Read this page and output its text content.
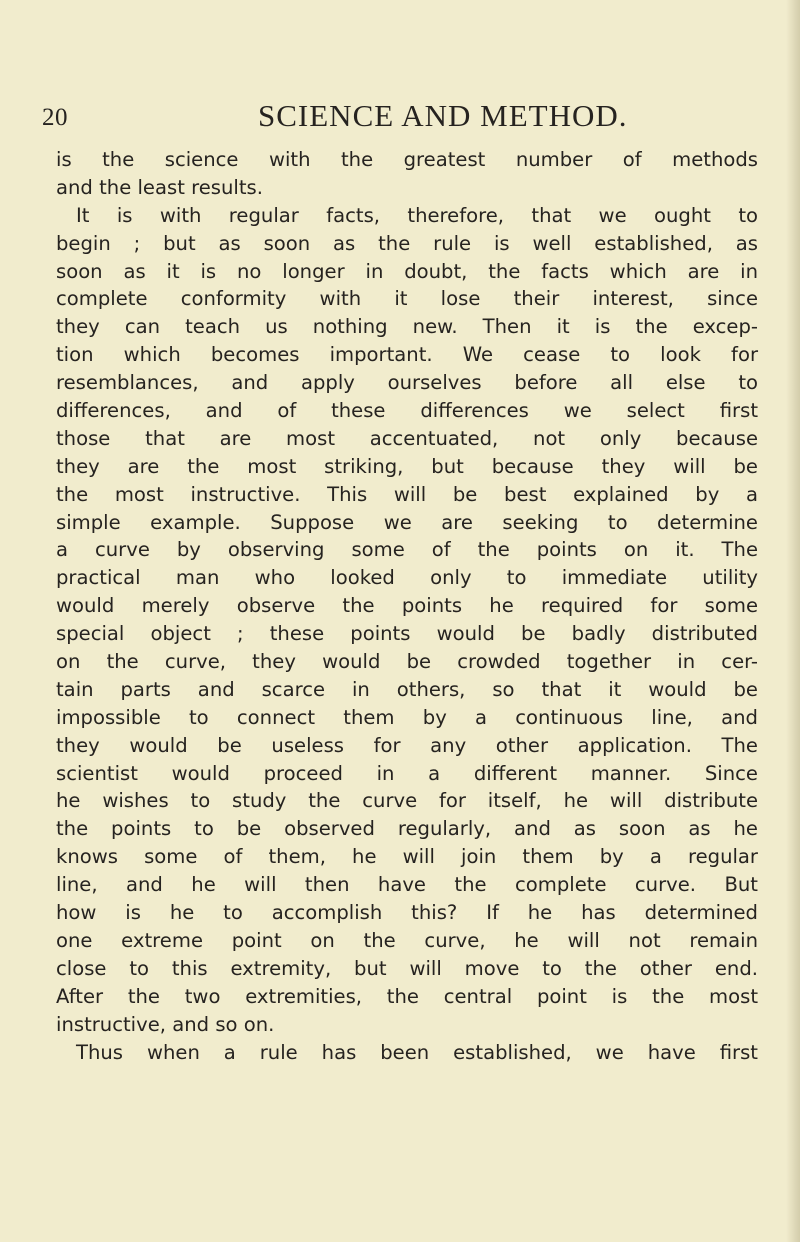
20	SCIENCE AND METHOD.
is the science with the greatest number of methods
and the least results.
It is with regular facts, therefore, that we ought to
begin ; but as soon as the rule is well established, as
soon as it is no longer in doubt, the facts which are in
complete conformity with it lose their interest, since
they can teach us nothing new. Then it is the excep-
tion which becomes important. We cease to look for
resemblances, and apply ourselves before all else to
differences, and of these differences we select first
those that are most accentuated, not only because
they are the most striking, but because they will be
the most instructive. This will be best explained by a
simple example. Suppose we are seeking to determine
a curve by observing some of the points on it. The
practical man who looked only to immediate utility
would merely observe the points he required for some
special object ; these points would be badly distributed
on the curve, they would be crowded together in cer-
tain parts and scarce in others, so that it would be
impossible to connect them by a continuous line, and
they would be useless for any other application. The
scientist would proceed in a different manner. Since
he wishes to study the curve for itself, he will distribute
the points to be observed regularly, and as soon as he
knows some of them, he will join them by a regular
line, and he will then have the complete curve. But
how is he to accomplish this? If he has determined
one extreme point on the curve, he will not remain
close to this extremity, but will move to the other end.
After the two extremities, the central point is the most
instructive, and so on.
Thus when a rule has been established, we have first
